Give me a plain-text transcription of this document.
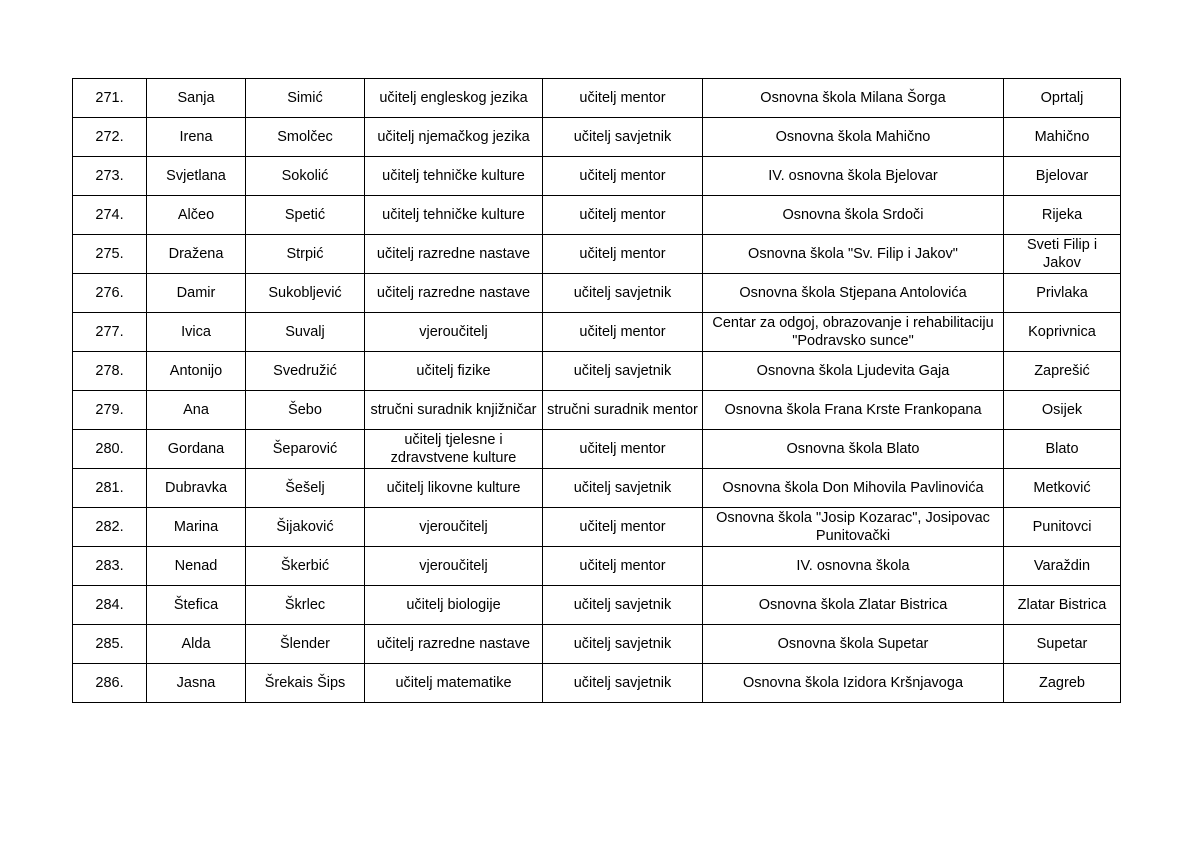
271.	Sanja	Simić	učitelj engleskog jezika	učitelj mentor	Osnovna škola Milana Šorga	Oprtalj
272.	Irena	Smolčec	učitelj njemačkog jezika	učitelj savjetnik	Osnovna škola Mahično	Mahično
273.	Svjetlana	Sokolić	učitelj tehničke kulture	učitelj mentor	IV. osnovna škola Bjelovar	Bjelovar
274.	Alčeo	Spetić	učitelj tehničke kulture	učitelj mentor	Osnovna škola Srdoči	Rijeka
275.	Dražena	Strpić	učitelj razredne nastave	učitelj mentor	Osnovna škola "Sv. Filip i Jakov"	Sveti Filip i Jakov
276.	Damir	Sukobljević	učitelj razredne nastave	učitelj savjetnik	Osnovna škola Stjepana Antolovića	Privlaka
277.	Ivica	Suvalj	vjeroučitelj	učitelj mentor	Centar za odgoj, obrazovanje i rehabilitaciju "Podravsko sunce"	Koprivnica
278.	Antonijo	Svedružić	učitelj fizike	učitelj savjetnik	Osnovna škola Ljudevita Gaja	Zaprešić
279.	Ana	Šebo	stručni suradnik knjižničar	stručni suradnik mentor	Osnovna škola Frana Krste Frankopana	Osijek
280.	Gordana	Šeparović	učitelj tjelesne i zdravstvene kulture	učitelj mentor	Osnovna škola Blato	Blato
281.	Dubravka	Šešelj	učitelj likovne kulture	učitelj savjetnik	Osnovna škola Don Mihovila Pavlinovića	Metković
282.	Marina	Šijaković	vjeroučitelj	učitelj mentor	Osnovna škola "Josip Kozarac", Josipovac Punitovački	Punitovci
283.	Nenad	Škerbić	vjeroučitelj	učitelj mentor	IV. osnovna škola	Varaždin
284.	Štefica	Škrlec	učitelj biologije	učitelj savjetnik	Osnovna škola Zlatar Bistrica	Zlatar Bistrica
285.	Alda	Šlender	učitelj razredne nastave	učitelj savjetnik	Osnovna škola Supetar	Supetar
286.	Jasna	Šrekais Šips	učitelj matematike	učitelj savjetnik	Osnovna škola Izidora Kršnjavoga	Zagreb
